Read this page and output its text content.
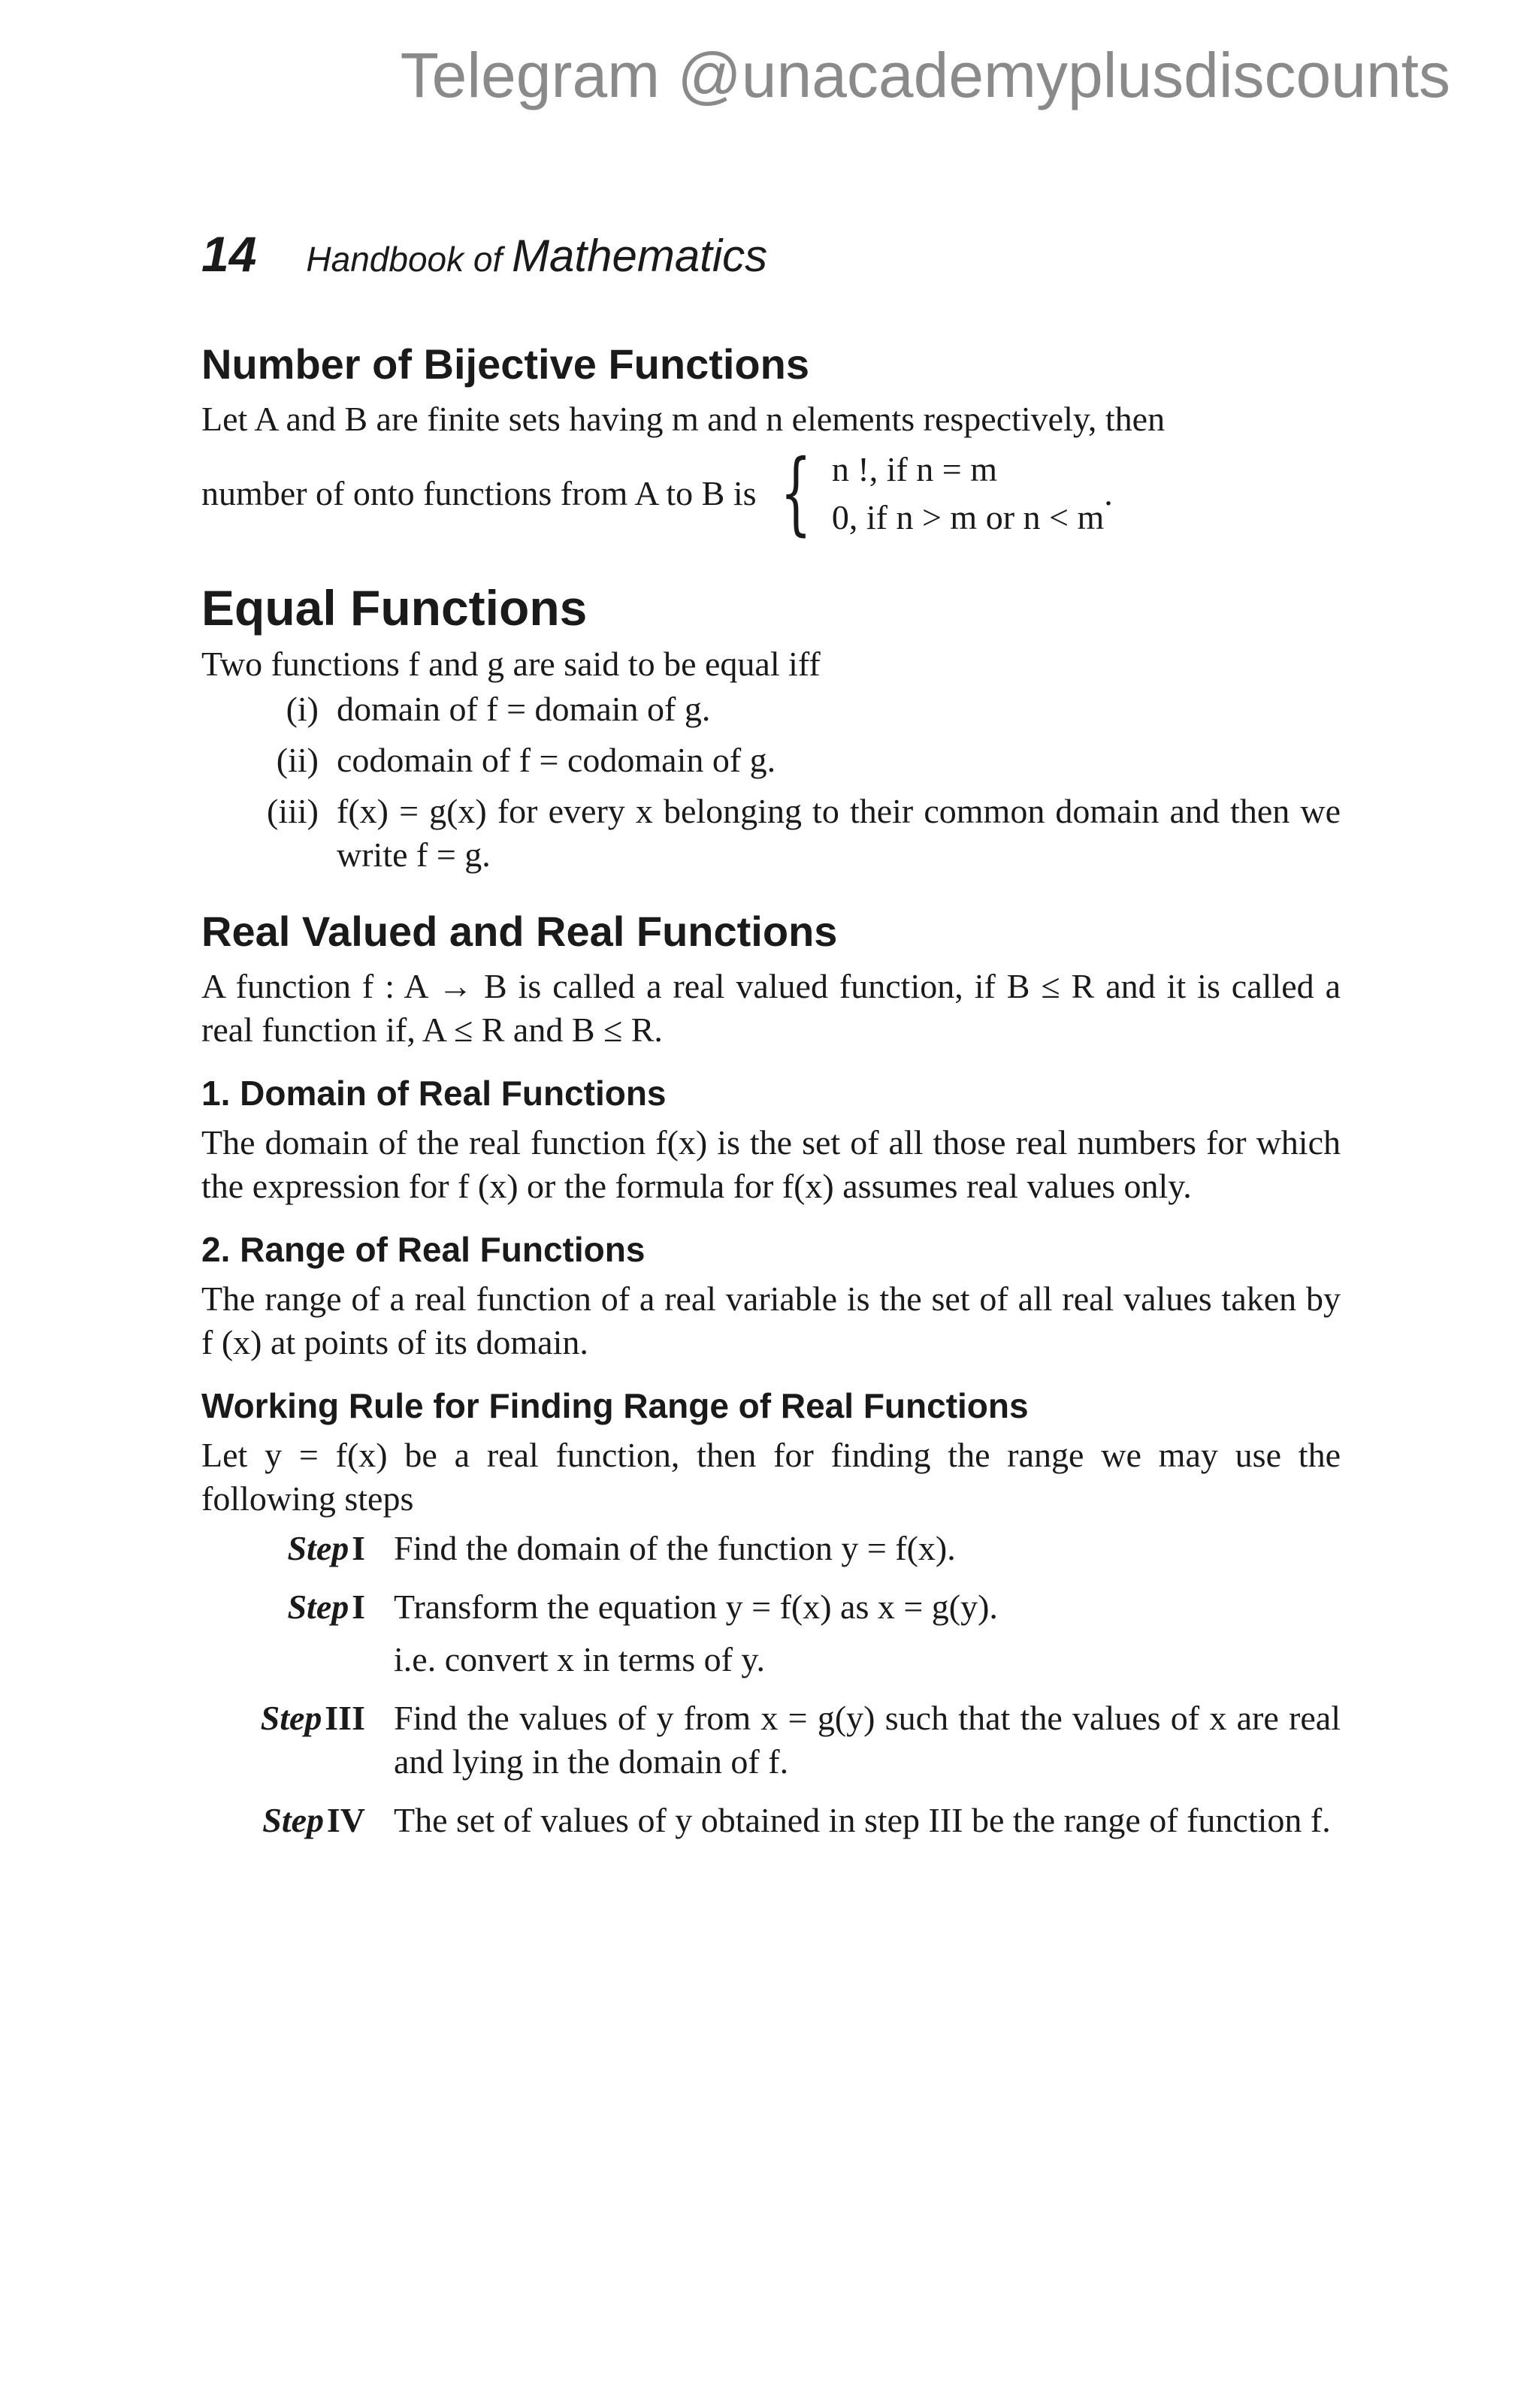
Telegram @unacademyplusdiscounts
14 Handbook of Mathematics
Number of Bijective Functions
Let A and B are finite sets having m and n elements respectively, then
number of onto functions from A to B is { n !, if n = m
0, if n > m or n < m
.
Equal Functions
Two functions f and g are said to be equal iff
(i) domain of f = domain of g.
(ii) codomain of f = codomain of g.
(iii) f(x) = g(x) for every x belonging to their common domain and then we write f = g.
Real Valued and Real Functions
A function f : A → B is called a real valued function, if B ≤ R and it is called a real function if, A ≤ R and B ≤ R.
1. Domain of Real Functions
The domain of the real function f(x) is the set of all those real numbers for which the expression for f (x) or the formula for f(x) assumes real values only.
2. Range of Real Functions
The range of a real function of a real variable is the set of all real values taken by f (x) at points of its domain.
Working Rule for Finding Range of Real Functions
Let y = f(x) be a real function, then for finding the range we may use the following steps
Step I Find the domain of the function y = f(x).
Step I Transform the equation y = f(x) as x = g(y).
i.e. convert x in terms of y.
Step III Find the values of y from x = g(y) such that the values of x are real and lying in the domain of f.
Step IV The set of values of y obtained in step III be the range of function f.
